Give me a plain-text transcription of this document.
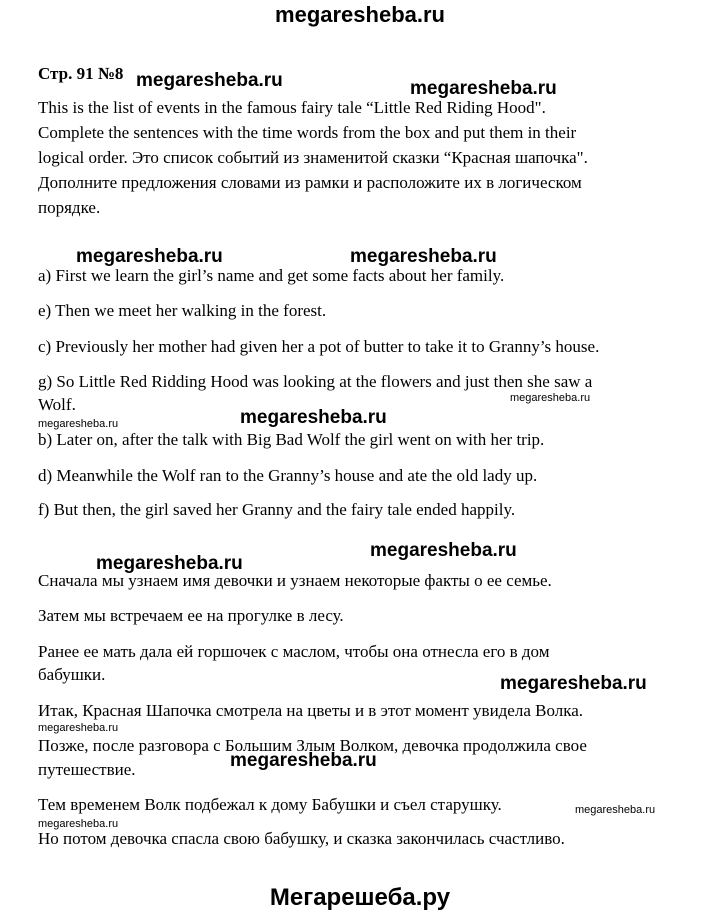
megaresheba.ru
Стр. 91 №8
This is the list of events in the famous fairy tale “Little Red Riding Hood".
Complete the sentences with the time words from the box and put them in their
logical order. Это список событий из знаменитой сказки “Красная шапочка".
Дополните предложения словами из рамки и расположите их в логическом
порядке.
a) First we learn the girl’s name and get some facts about her family.
e) Then we meet her walking in the forest.
c) Previously her mother had given her a pot of butter to take it to Granny’s house.
g) So Little Red Ridding Hood was looking at the flowers and just then she saw a
Wolf.
b) Later on, after the talk with Big Bad Wolf the girl went on with her trip.
d) Meanwhile the Wolf ran to the Granny’s house and ate the old lady up.
f) But then, the girl saved her Granny and the fairy tale ended happily.
Сначала мы узнаем имя девочки и узнаем некоторые факты о ее семье.
Затем мы встречаем ее на прогулке в лесу.
Ранее ее мать дала ей горшочек с маслом, чтобы она отнесла его в дом
бабушки.
Итак, Красная Шапочка смотрела на цветы и в этот момент увидела Волка.
Позже, после разговора с Большим Злым Волком, девочка продолжила свое
путешествие.
Тем временем Волк подбежал к дому Бабушки и съел старушку.
Но потом девочка спасла свою бабушку, и сказка закончилась счастливо.
megaresheba.ru	megaresheba.ru
megaresheba.ru	megaresheba.ru
megaresheba.ru
megaresheba.ru	megaresheba.ru
megaresheba.ru
megaresheba.ru
megaresheba.ru
megaresheba.ru
megaresheba.ru
megaresheba.ru
megaresheba.ru
Мегарешеба.ру
